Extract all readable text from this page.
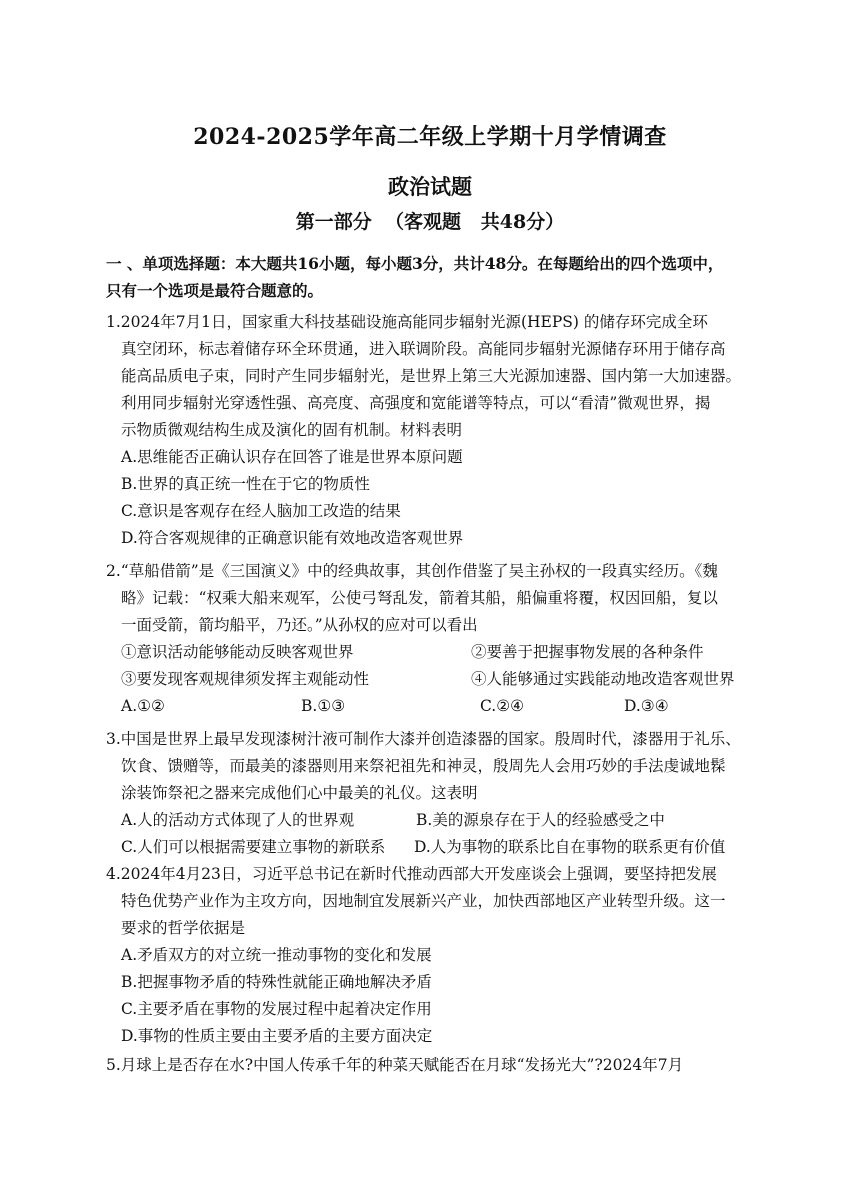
2024-2025学年高二年级上学期十月学情调查
政治试题
第一部分  （客观题   共48分）
一 、单项选择题：本大题共16小题，每小题3分，共计48分。在每题给出的四个选项中，
只有一个选项是最符合题意的。
1.2024年7月1日，国家重大科技基础设施高能同步辐射光源(HEPS) 的储存环完成全环
真空闭环，标志着储存环全环贯通，进入联调阶段。高能同步辐射光源储存环用于储存高
能高品质电子束，同时产生同步辐射光，是世界上第三大光源加速器、国内第一大加速器。
利用同步辐射光穿透性强、高亮度、高强度和宽能谱等特点，可以“看清”微观世界，揭
示物质微观结构生成及演化的固有机制。材料表明
A.思维能否正确认识存在回答了谁是世界本原问题
B.世界的真正统一性在于它的物质性
C.意识是客观存在经人脑加工改造的结果
D.符合客观规律的正确意识能有效地改造客观世界
2.“草船借箭”是《三国演义》中的经典故事，其创作借鉴了吴主孙权的一段真实经历。《魏
略》记载：“权乘大船来观军，公使弓弩乱发，箭着其船，船偏重将覆，权因回船，复以
一面受箭，箭均船平，乃还。”从孙权的应对可以看出
①意识活动能够能动反映客观世界	②要善于把握事物发展的各种条件
③要发现客观规律须发挥主观能动性	④人能够通过实践能动地改造客观世界
A.①②	B.①③	C.②④	D.③④
3.中国是世界上最早发现漆树汁液可制作大漆并创造漆器的国家。殷周时代，漆器用于礼乐、
饮食、馈赠等，而最美的漆器则用来祭祀祖先和神灵，殷周先人会用巧妙的手法虔诚地髹
涂装饰祭祀之器来完成他们心中最美的礼仪。这表明
A.人的活动方式体现了人的世界观	B.美的源泉存在于人的经验感受之中
C.人们可以根据需要建立事物的新联系 D.人为事物的联系比自在事物的联系更有价值
4.2024年4月23日，习近平总书记在新时代推动西部大开发座谈会上强调，要坚持把发展
特色优势产业作为主攻方向，因地制宜发展新兴产业，加快西部地区产业转型升级。这一
要求的哲学依据是
A.矛盾双方的对立统一推动事物的变化和发展
B.把握事物矛盾的特殊性就能正确地解决矛盾
C.主要矛盾在事物的发展过程中起着决定作用
D.事物的性质主要由主要矛盾的主要方面决定
5.月球上是否存在水?中国人传承千年的种菜天赋能否在月球“发扬光大”?2024年7月
